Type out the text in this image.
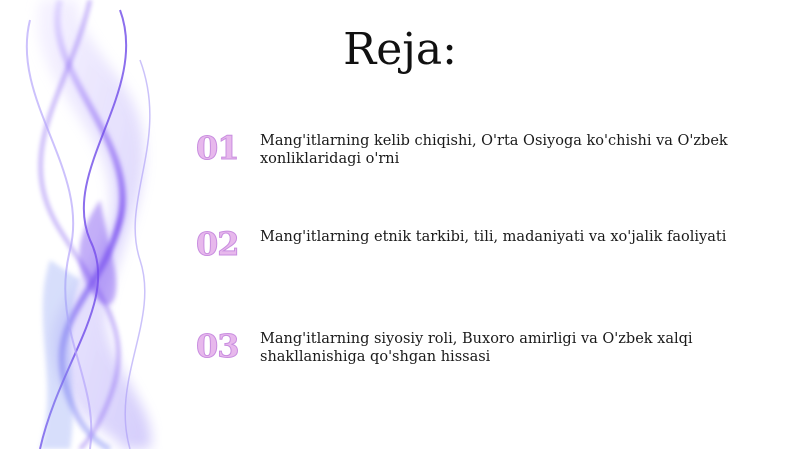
Reja:
01	Mang'itlarning kelib chiqishi, O'rta Osiyoga ko'chishi va O'zbek xonliklaridagi o'rni
02	Mang'itlarning etnik tarkibi, tili, madaniyati va xo'jalik faoliyati
03	Mang'itlarning siyosiy roli, Buxoro amirligi va O'zbek xalqi shakllanishiga qo'shgan hissasi
